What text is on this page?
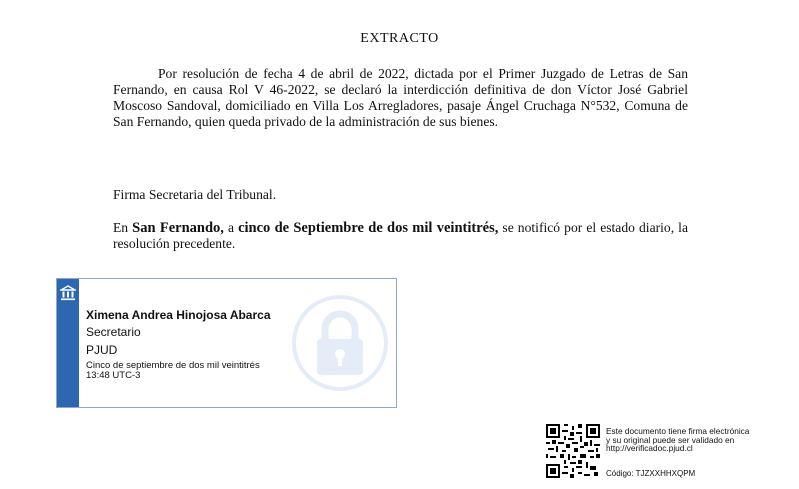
EXTRACTO

Por resolución de fecha 4 de abril de 2022, dictada por el Primer Juzgado de Letras de San Fernando, en causa Rol V 46-2022, se declaró la interdicción definitiva de don Víctor José Gabriel Moscoso Sandoval, domiciliado en Villa Los Arregladores, pasaje Ángel Cruchaga N°532, Comuna de San Fernando, quien queda privado de la administración de sus bienes.

Firma Secretaria del Tribunal.

En San Fernando, a cinco de Septiembre de dos mil veintitrés, se notificó por el estado diario, la resolución precedente.

Ximena Andrea Hinojosa Abarca
Secretario
PJUD
Cinco de septiembre de dos mil veintitrés
13:48 UTC-3
Este documento tiene firma electrónica
y su original puede ser validado en
http://verificadoc.pjud.cl
Código: TJZXXHHXQPM
